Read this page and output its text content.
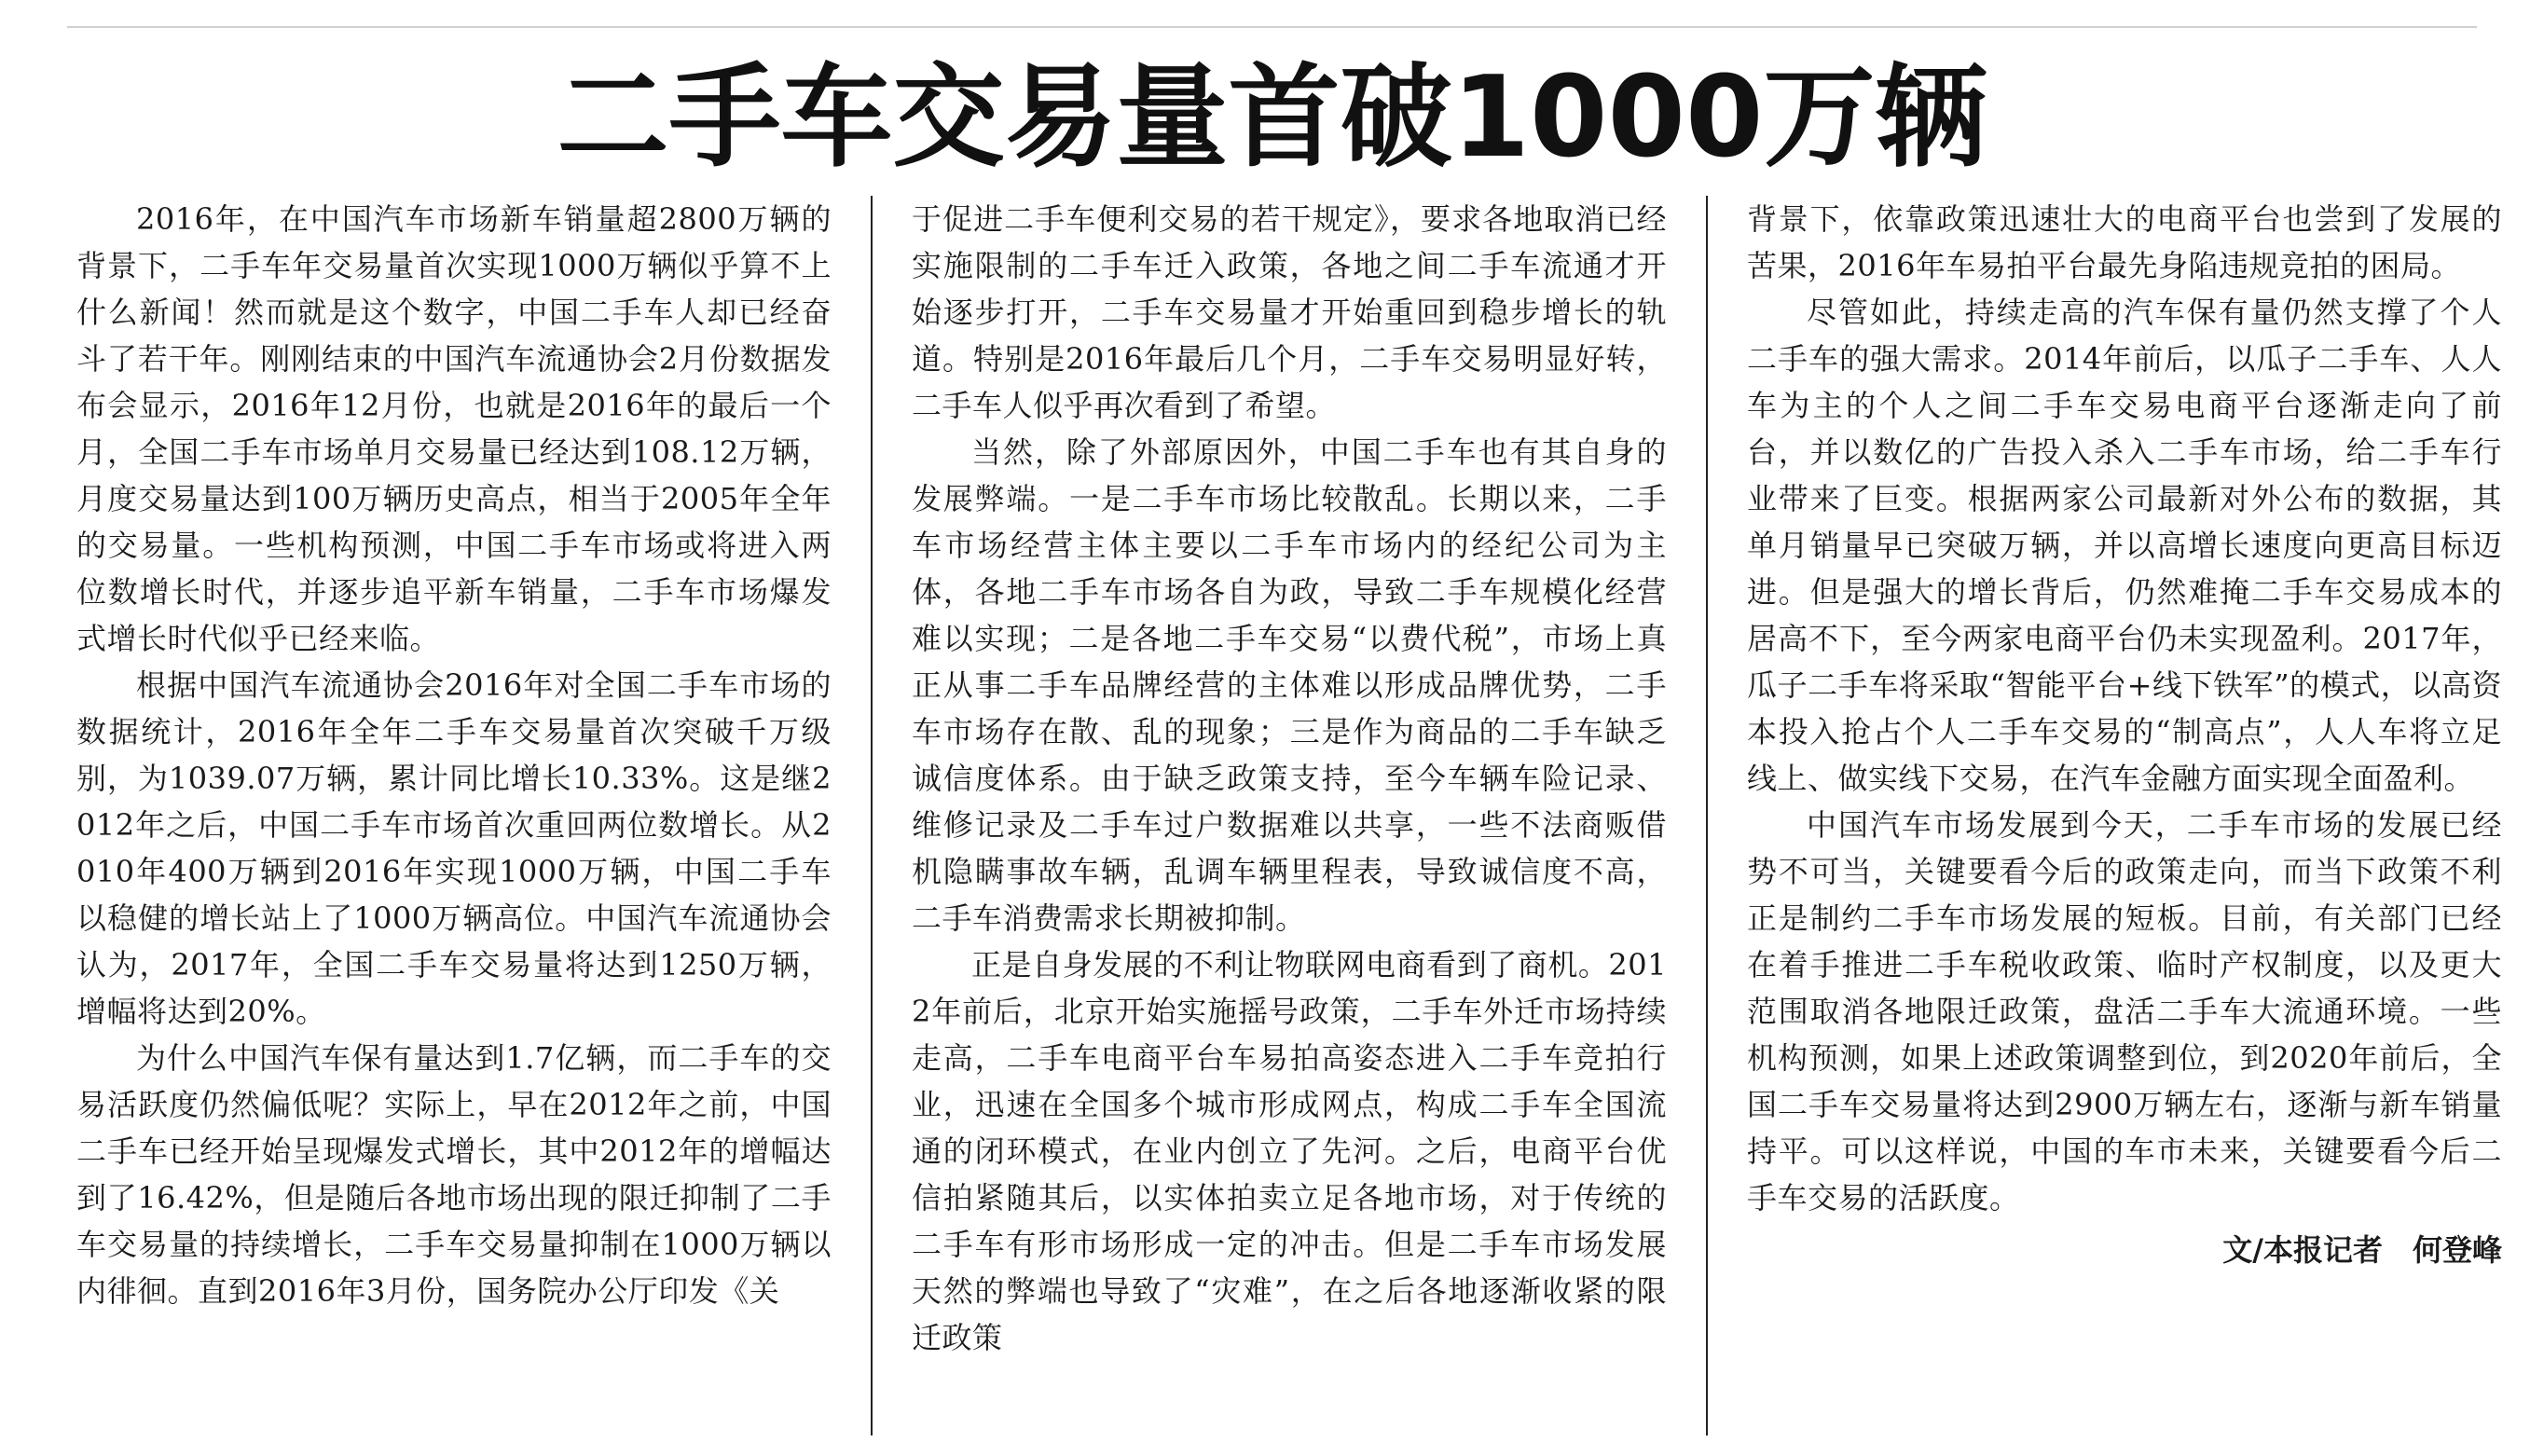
二手车交易量首破1000万辆

2016年，在中国汽车市场新车销量超2800万辆的背景下，二手车年交易量首次实现1000万辆似乎算不上什么新闻！然而就是这个数字，中国二手车人却已经奋斗了若干年。刚刚结束的中国汽车流通协会2月份数据发布会显示，2016年12月份，也就是2016年的最后一个月，全国二手车市场单月交易量已经达到108.12万辆，月度交易量达到100万辆历史高点，相当于2005年全年的交易量。一些机构预测，中国二手车市场或将进入两位数增长时代，并逐步追平新车销量，二手车市场爆发式增长时代似乎已经来临。

根据中国汽车流通协会2016年对全国二手车市场的数据统计，2016年全年二手车交易量首次突破千万级别，为1039.07万辆，累计同比增长10.33%。这是继2012年之后，中国二手车市场首次重回两位数增长。从2010年400万辆到2016年实现1000万辆，中国二手车以稳健的增长站上了1000万辆高位。中国汽车流通协会认为，2017年，全国二手车交易量将达到1250万辆，增幅将达到20%。

为什么中国汽车保有量达到1.7亿辆，而二手车的交易活跃度仍然偏低呢？实际上，早在2012年之前，中国二手车已经开始呈现爆发式增长，其中2012年的增幅达到了16.42%，但是随后各地市场出现的限迁抑制了二手车交易量的持续增长，二手车交易量抑制在1000万辆以内徘徊。直到2016年3月份，国务院办公厅印发《关

于促进二手车便利交易的若干规定》，要求各地取消已经实施限制的二手车迁入政策，各地之间二手车流通才开始逐步打开，二手车交易量才开始重回到稳步增长的轨道。特别是2016年最后几个月，二手车交易明显好转，二手车人似乎再次看到了希望。

当然，除了外部原因外，中国二手车也有其自身的发展弊端。一是二手车市场比较散乱。长期以来，二手车市场经营主体主要以二手车市场内的经纪公司为主体，各地二手车市场各自为政，导致二手车规模化经营难以实现；二是各地二手车交易“以费代税”，市场上真正从事二手车品牌经营的主体难以形成品牌优势，二手车市场存在散、乱的现象；三是作为商品的二手车缺乏诚信度体系。由于缺乏政策支持，至今车辆车险记录、维修记录及二手车过户数据难以共享，一些不法商贩借机隐瞒事故车辆，乱调车辆里程表，导致诚信度不高，二手车消费需求长期被抑制。

正是自身发展的不利让物联网电商看到了商机。2012年前后，北京开始实施摇号政策，二手车外迁市场持续走高，二手车电商平台车易拍高姿态进入二手车竞拍行业，迅速在全国多个城市形成网点，构成二手车全国流通的闭环模式，在业内创立了先河。之后，电商平台优信拍紧随其后，以实体拍卖立足各地市场，对于传统的二手车有形市场形成一定的冲击。但是二手车市场发展天然的弊端也导致了“灾难”，在之后各地逐渐收紧的限迁政策

背景下，依靠政策迅速壮大的电商平台也尝到了发展的苦果，2016年车易拍平台最先身陷违规竞拍的困局。

尽管如此，持续走高的汽车保有量仍然支撑了个人二手车的强大需求。2014年前后，以瓜子二手车、人人车为主的个人之间二手车交易电商平台逐渐走向了前台，并以数亿的广告投入杀入二手车市场，给二手车行业带来了巨变。根据两家公司最新对外公布的数据，其单月销量早已突破万辆，并以高增长速度向更高目标迈进。但是强大的增长背后，仍然难掩二手车交易成本的居高不下，至今两家电商平台仍未实现盈利。2017年，瓜子二手车将采取“智能平台+线下铁军”的模式，以高资本投入抢占个人二手车交易的“制高点”，人人车将立足线上、做实线下交易，在汽车金融方面实现全面盈利。

中国汽车市场发展到今天，二手车市场的发展已经势不可当，关键要看今后的政策走向，而当下政策不利正是制约二手车市场发展的短板。目前，有关部门已经在着手推进二手车税收政策、临时产权制度，以及更大范围取消各地限迁政策，盘活二手车大流通环境。一些机构预测，如果上述政策调整到位，到2020年前后，全国二手车交易量将达到2900万辆左右，逐渐与新车销量持平。可以这样说，中国的车市未来，关键要看今后二手车交易的活跃度。

文/本报记者　何登峰
